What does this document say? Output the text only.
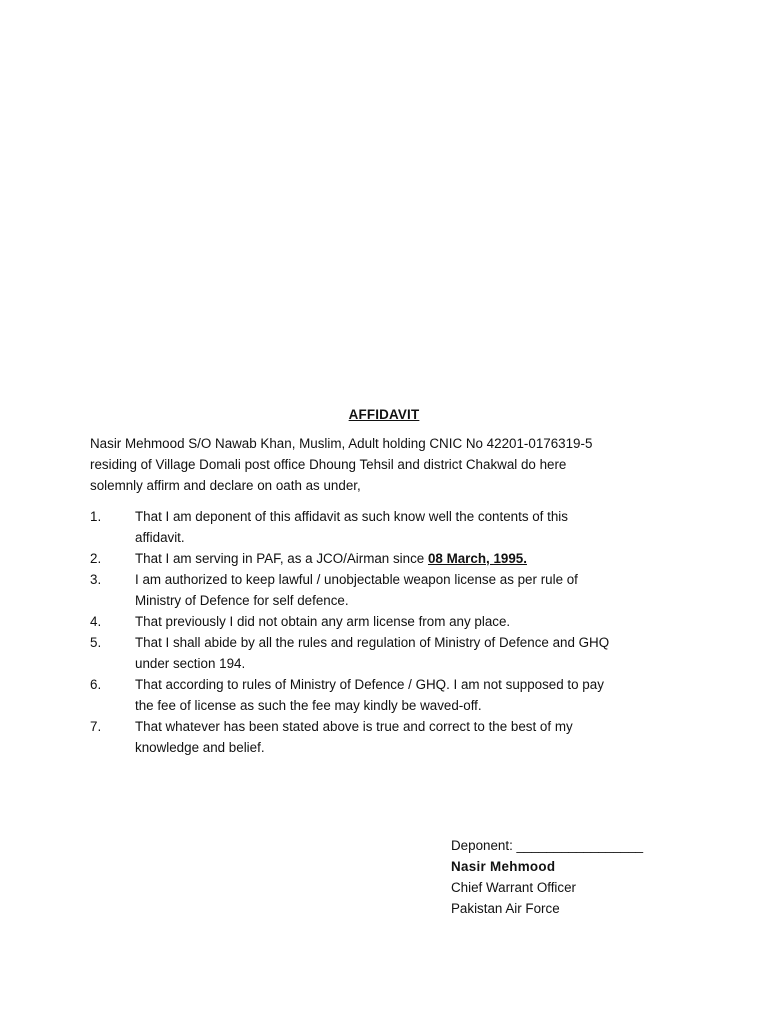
AFFIDAVIT
Nasir Mehmood S/O Nawab Khan, Muslim, Adult holding CNIC No 42201-0176319-5
residing of Village Domali post office Dhoung Tehsil and district Chakwal do here
solemnly affirm and declare on oath as under,
1.	That I am deponent of this affidavit as such know well the contents of this
affidavit.
2.	That I am serving in PAF, as a JCO/Airman since 08 March, 1995.
3.	I am authorized to keep lawful / unobjectable weapon license as per rule of
Ministry of Defence for self defence.
4.	That previously I did not obtain any arm license from any place.
5.	That I shall abide by all the rules and regulation of Ministry of Defence and GHQ
under section 194.
6.	That according to rules of Ministry of Defence / GHQ. I am not supposed to pay
the fee of license as such the fee may kindly be waved-off.
7.	That whatever has been stated above is true and correct to the best of my
knowledge and belief.
Deponent: _________________
Nasir Mehmood
Chief Warrant Officer
Pakistan Air Force
